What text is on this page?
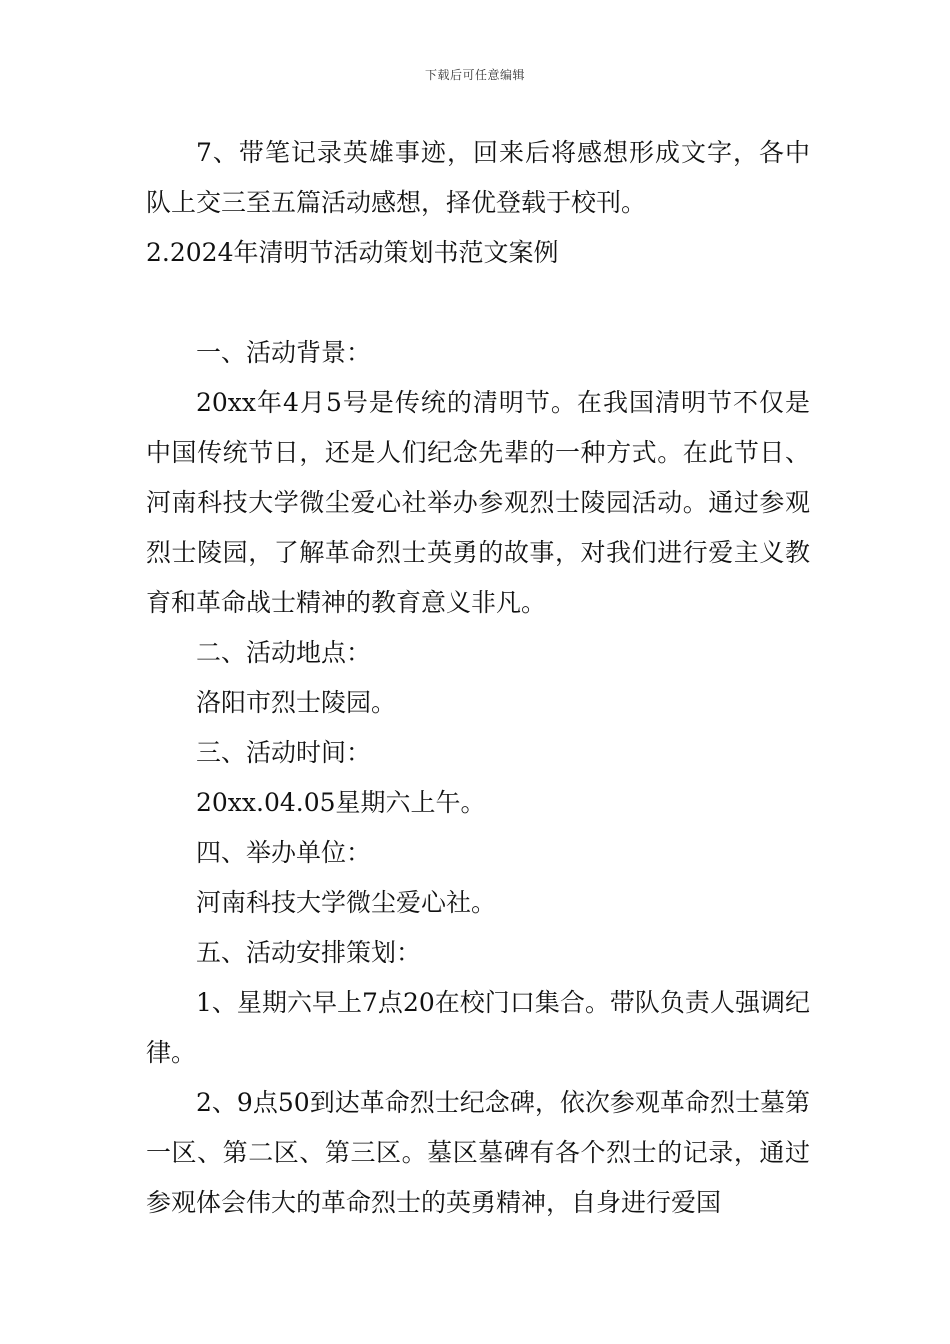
下载后可任意编辑

7、带笔记录英雄事迹，回来后将感想形成文字，各中队上交三至五篇活动感想，择优登载于校刊。

2.2024年清明节活动策划书范文案例

一、活动背景：

20xx年4月5号是传统的清明节。在我国清明节不仅是中国传统节日，还是人们纪念先辈的一种方式。在此节日、河南科技大学微尘爱心社举办参观烈士陵园活动。通过参观烈士陵园，了解革命烈士英勇的故事，对我们进行爱主义教育和革命战士精神的教育意义非凡。

二、活动地点：

洛阳市烈士陵园。

三、活动时间：

20xx.04.05星期六上午。

四、举办单位：

河南科技大学微尘爱心社。

五、活动安排策划：

1、星期六早上7点20在校门口集合。带队负责人强调纪律。

2、9点50到达革命烈士纪念碑，依次参观革命烈士墓第一区、第二区、第三区。墓区墓碑有各个烈士的记录，通过参观体会伟大的革命烈士的英勇精神，自身进行爱国
